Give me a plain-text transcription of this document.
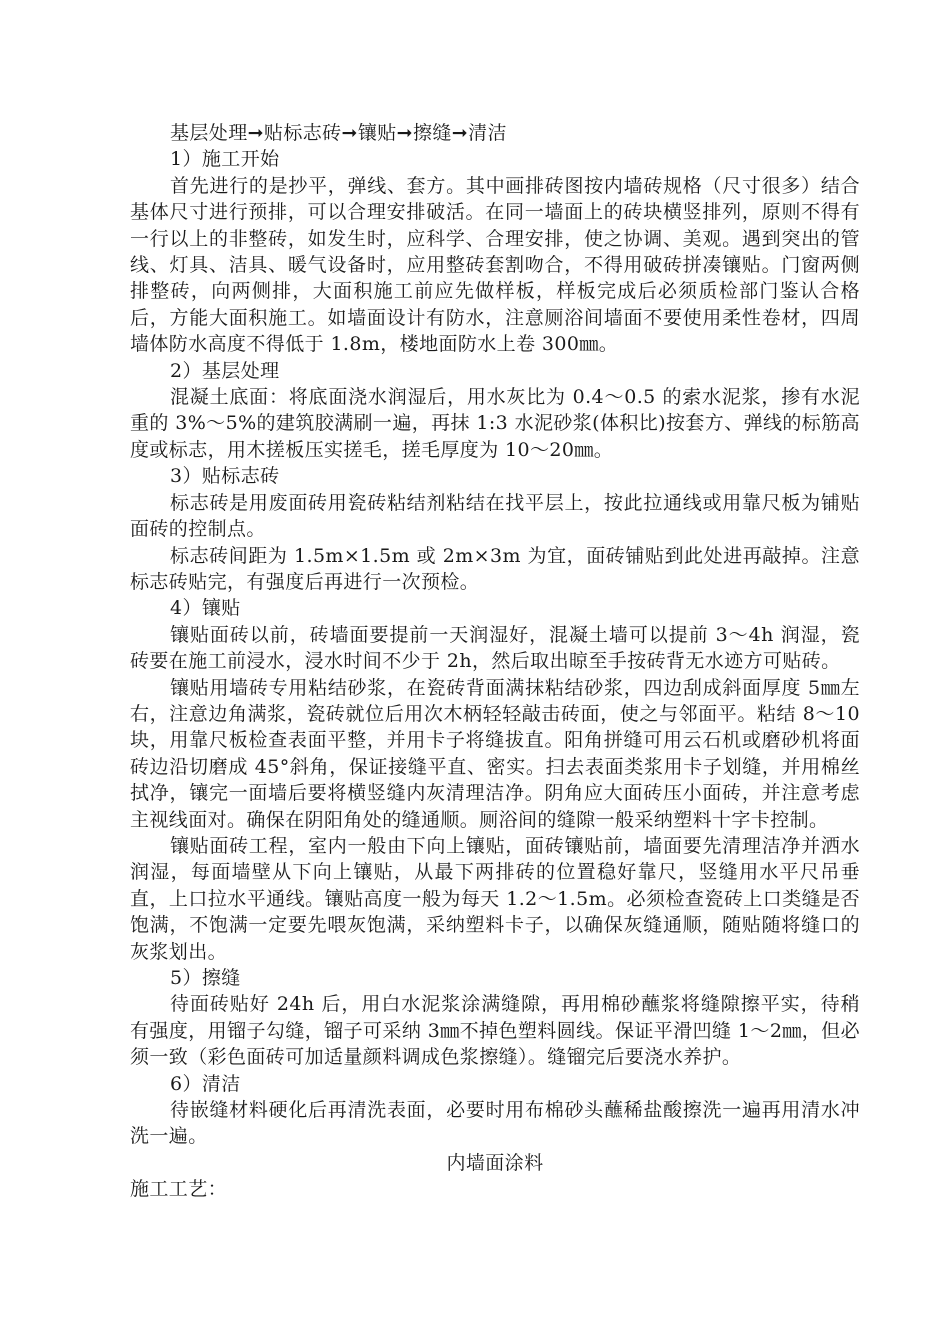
基层处理➞贴标志砖➞镶贴➞擦缝➞清洁

1）施工开始

首先进行的是抄平，弹线、套方。其中画排砖图按内墙砖规格（尺寸很多）结合基体尺寸进行预排，可以合理安排破活。在同一墙面上的砖块横竖排列，原则不得有一行以上的非整砖，如发生时，应科学、合理安排，使之协调、美观。遇到突出的管线、灯具、洁具、暖气设备时，应用整砖套割吻合，不得用破砖拼凑镶贴。门窗两侧排整砖，向两侧排，大面积施工前应先做样板，样板完成后必须质检部门鉴认合格后，方能大面积施工。如墙面设计有防水，注意厕浴间墙面不要使用柔性卷材，四周墙体防水高度不得低于 1.8m，楼地面防水上卷 300㎜。

2）基层处理

混凝土底面：将底面浇水润湿后，用水灰比为 0.4～0.5 的索水泥浆，掺有水泥重的 3%～5%的建筑胶满刷一遍，再抹 1:3 水泥砂浆(体积比)按套方、弹线的标筋高度或标志，用木搓板压实搓毛，搓毛厚度为 10～20㎜。

3）贴标志砖

标志砖是用废面砖用瓷砖粘结剂粘结在找平层上，按此拉通线或用靠尺板为铺贴面砖的控制点。

标志砖间距为 1.5m×1.5m 或 2m×3m 为宜，面砖铺贴到此处进再敲掉。注意标志砖贴完，有强度后再进行一次预检。

4）镶贴

镶贴面砖以前，砖墙面要提前一天润湿好，混凝土墙可以提前 3～4h 润湿，瓷砖要在施工前浸水，浸水时间不少于 2h，然后取出晾至手按砖背无水迹方可贴砖。

镶贴用墙砖专用粘结砂浆，在瓷砖背面满抹粘结砂浆，四边刮成斜面厚度 5㎜左右，注意边角满浆，瓷砖就位后用次木柄轻轻敲击砖面，使之与邻面平。粘结 8～10 块，用靠尺板检查表面平整，并用卡子将缝拔直。阳角拼缝可用云石机或磨砂机将面砖边沿切磨成 45°斜角，保证接缝平直、密实。扫去表面类浆用卡子划缝，并用棉丝拭净，镶完一面墙后要将横竖缝内灰清理洁净。阴角应大面砖压小面砖，并注意考虑主视线面对。确保在阴阳角处的缝通顺。厕浴间的缝隙一般采纳塑料十字卡控制。

镶贴面砖工程，室内一般由下向上镶贴，面砖镶贴前，墙面要先清理洁净并洒水润湿，每面墙壁从下向上镶贴，从最下两排砖的位置稳好靠尺，竖缝用水平尺吊垂直，上口拉水平通线。镶贴高度一般为每天 1.2～1.5m。必须检查瓷砖上口类缝是否饱满，不饱满一定要先喂灰饱满，采纳塑料卡子，以确保灰缝通顺，随贴随将缝口的灰浆划出。

5）擦缝

待面砖贴好 24h 后，用白水泥浆涂满缝隙，再用棉砂蘸浆将缝隙擦平实，待稍有强度，用镏子勾缝，镏子可采纳 3㎜不掉色塑料圆线。保证平滑凹缝 1～2㎜，但必须一致（彩色面砖可加适量颜料调成色浆擦缝）。缝镏完后要浇水养护。

6）清洁

待嵌缝材料硬化后再清洗表面，必要时用布棉砂头蘸稀盐酸擦洗一遍再用清水冲洗一遍。

内墙面涂料

施工工艺：
